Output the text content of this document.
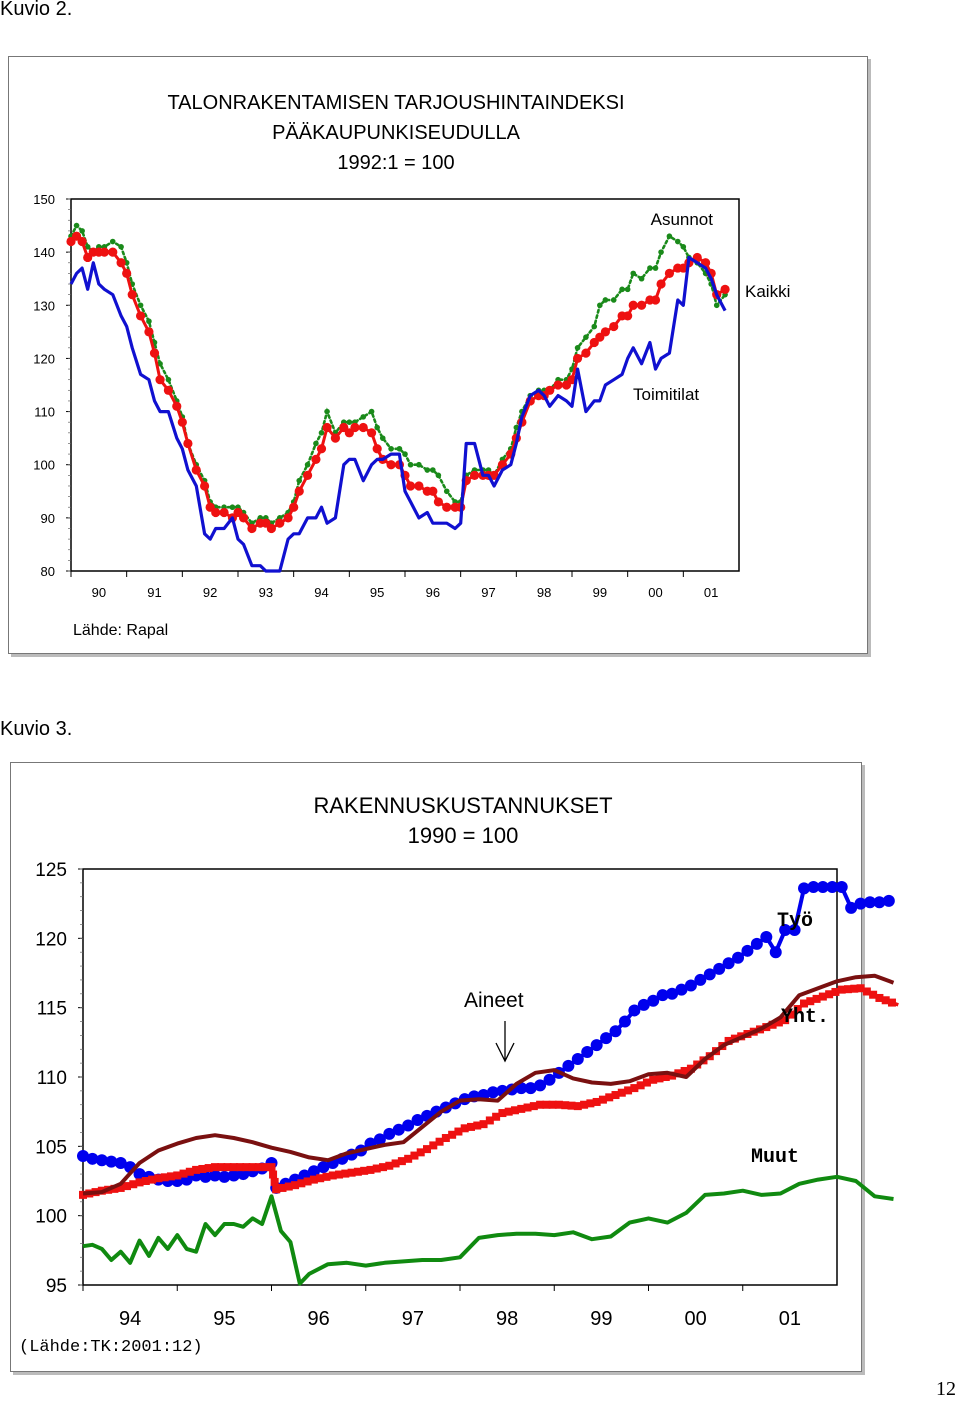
Kuvio 2.
TALONRAKENTAMISEN TARJOUSHINTAINDEKSI
PÄÄKAUPUNKISEUDULLA
1992:1 = 100
150
140
130
120
110
100
90
80
90	91	92	93	94	95	96	97	98	99	00	01
Asunnot
Kaikki
Toimitilat
Lähde: Rapal
Kuvio 3.
RAKENNUSKUSTANNUKSET
1990 = 100
125
120
115
110
105
100
95
94	95	96	97	98	99	00	01
Aineet
Työ
Yht.
Muut
(Lähde:TK:2001:12)
12
